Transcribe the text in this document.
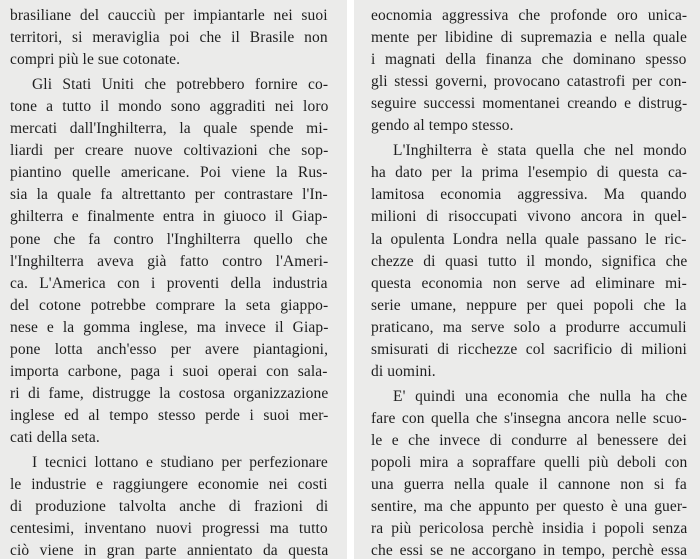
brasiliane del caucciù per impiantarle nei suoi
territori, si meraviglia poi che il Brasile non
compri più le sue cotonate.
Gli Stati Uniti che potrebbero fornire co-
tone a tutto il mondo sono aggraditi nei loro
mercati dall'Inghilterra, la quale spende mi-
liardi per creare nuove coltivazioni che sop-
piantino quelle americane. Poi viene la Rus-
sia la quale fa altrettanto per contrastare l'In-
ghilterra e finalmente entra in giuoco il Giap-
pone che fa contro l'Inghilterra quello che
l'Inghilterra aveva già fatto contro l'Ameri-
ca. L'America con i proventi della industria
del cotone potrebbe comprare la seta giappo-
nese e la gomma inglese, ma invece il Giap-
pone lotta anch'esso per avere piantagioni,
importa carbone, paga i suoi operai con sala-
ri di fame, distrugge la costosa organizzazione
inglese ed al tempo stesso perde i suoi mer-
cati della seta.
I tecnici lottano e studiano per perfezionare
le industrie e raggiungere economie nei costi
di produzione talvolta anche di frazioni di
centesimi, inventano nuovi progressi ma tutto
ciò viene in gran parte annientato da questa
eocnomia aggressiva che profonde oro unica-
mente per libidine di supremazia e nella quale
i magnati della finanza che dominano spesso
gli stessi governi, provocano catastrofi per con-
seguire successi momentanei creando e distrug-
gendo al tempo stesso.
L'Inghilterra è stata quella che nel mondo
ha dato per la prima l'esempio di questa ca-
lamitosa economia aggressiva. Ma quando
milioni di risoccupati vivono ancora in quel-
la opulenta Londra nella quale passano le ric-
chezze di quasi tutto il mondo, significa che
questa economia non serve ad eliminare mi-
serie umane, neppure per quei popoli che la
praticano, ma serve solo a produrre accumuli
smisurati di ricchezze col sacrificio di milioni
di uomini.
E' quindi una economia che nulla ha che
fare con quella che s'insegna ancora nelle scuo-
le e che invece di condurre al benessere dei
popoli mira a sopraffare quelli più deboli con
una guerra nella quale il cannone non si fa
sentire, ma che appunto per questo è una guer-
ra più pericolosa perchè insidia i popoli senza
che essi se ne accorgano in tempo, perchè essa
